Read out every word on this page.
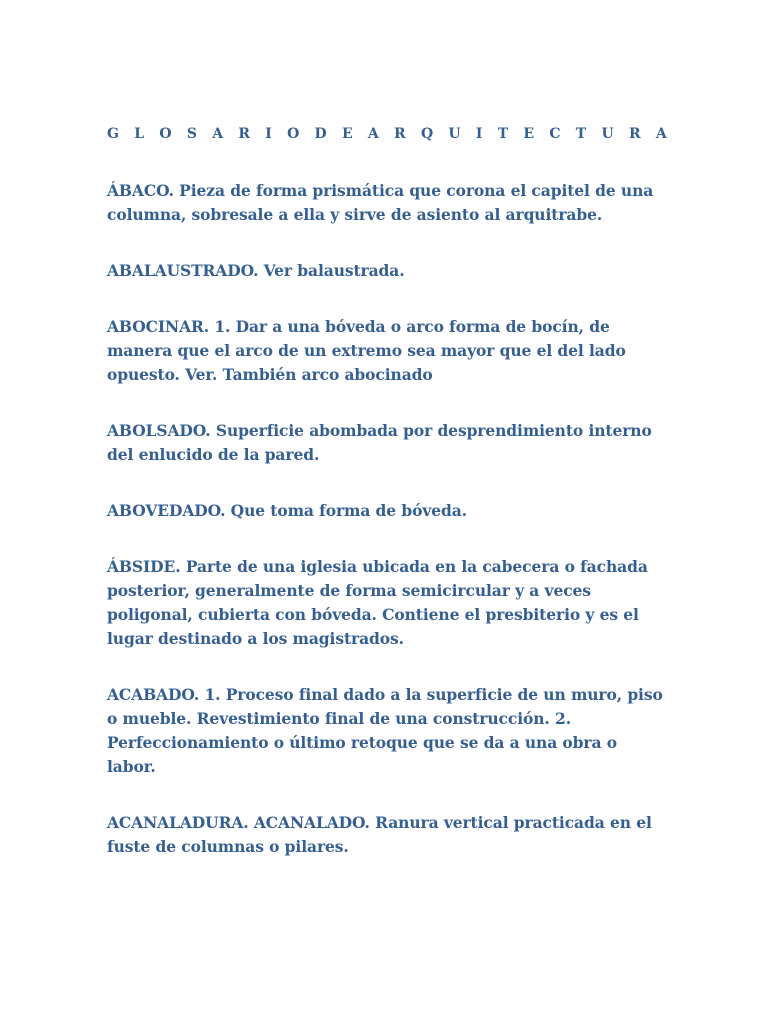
G L O S A R I O D E A R Q U I T E C T U R A

ÁBACO. Pieza de forma prismática que corona el capitel de una columna, sobresale a ella y sirve de asiento al arquitrabe.

ABALAUSTRADO. Ver balaustrada.

ABOCINAR. 1. Dar a una bóveda o arco forma de bocín, de manera que el arco de un extremo sea mayor que el del lado opuesto. Ver. También arco abocinado

ABOLSADO. Superficie abombada por desprendimiento interno del enlucido de la pared.

ABOVEDADO. Que toma forma de bóveda.

ÁBSIDE. Parte de una iglesia ubicada en la cabecera o fachada posterior, generalmente de forma semicircular y a veces poligonal, cubierta con bóveda. Contiene el presbiterio y es el lugar destinado a los magistrados.

ACABADO. 1. Proceso final dado a la superficie de un muro, piso o mueble. Revestimiento final de una construcción. 2. Perfeccionamiento o último retoque que se da a una obra o labor.

ACANALADURA. ACANALADO. Ranura vertical practicada en el fuste de columnas o pilares.
